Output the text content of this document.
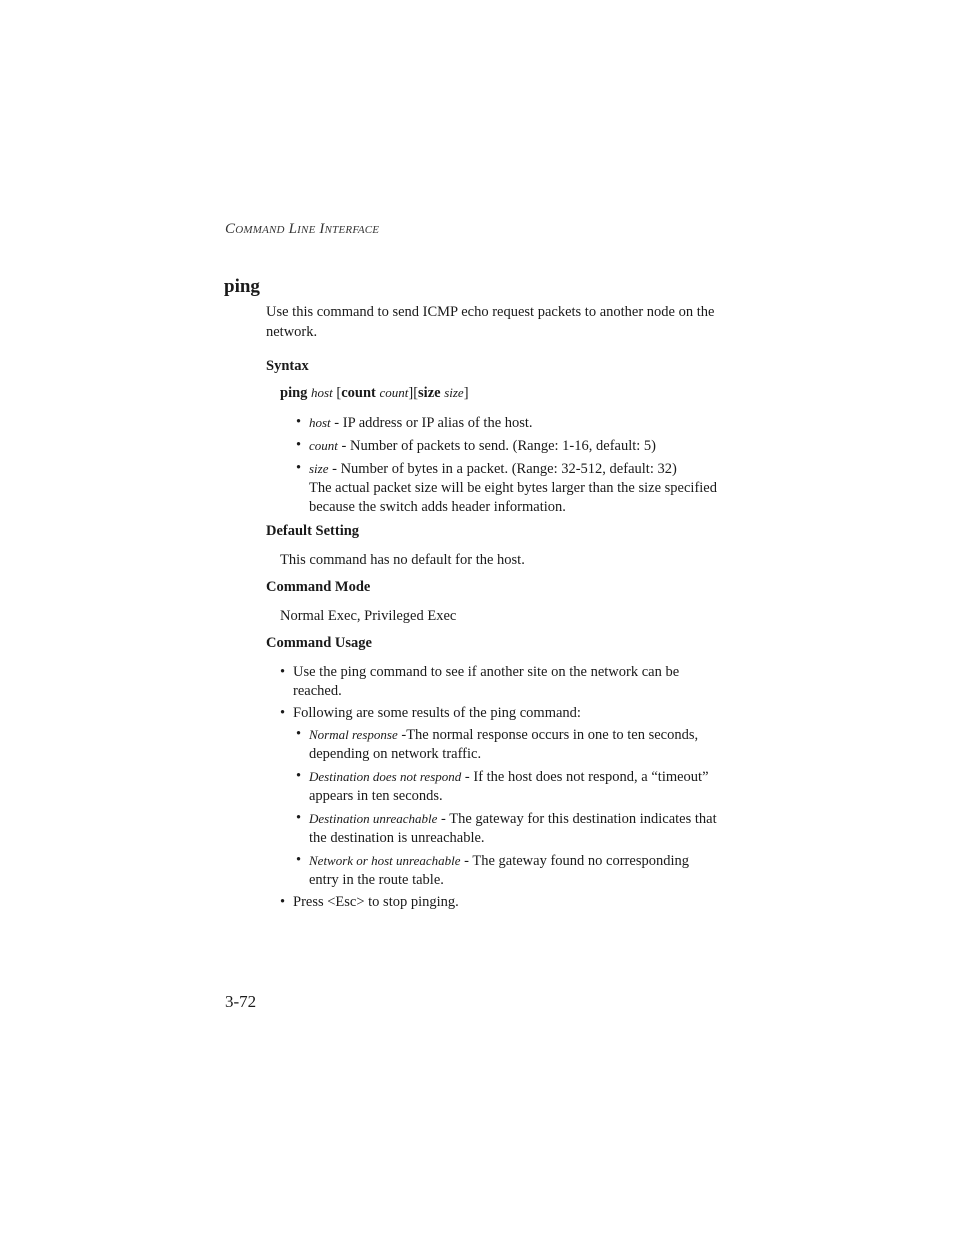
Command Line Interface
ping
Use this command to send ICMP echo request packets to another node on the network.
Syntax
ping host [count count][size size]
• host - IP address or IP alias of the host.
• count - Number of packets to send. (Range: 1-16, default: 5)
• size - Number of bytes in a packet. (Range: 32-512, default: 32)
The actual packet size will be eight bytes larger than the size specified because the switch adds header information.
Default Setting
This command has no default for the host.
Command Mode
Normal Exec, Privileged Exec
Command Usage
• Use the ping command to see if another site on the network can be reached.
• Following are some results of the ping command:
• Normal response -The normal response occurs in one to ten seconds, depending on network traffic.
• Destination does not respond - If the host does not respond, a “timeout” appears in ten seconds.
• Destination unreachable - The gateway for this destination indicates that the destination is unreachable.
• Network or host unreachable - The gateway found no corresponding entry in the route table.
• Press <Esc> to stop pinging.
3-72
